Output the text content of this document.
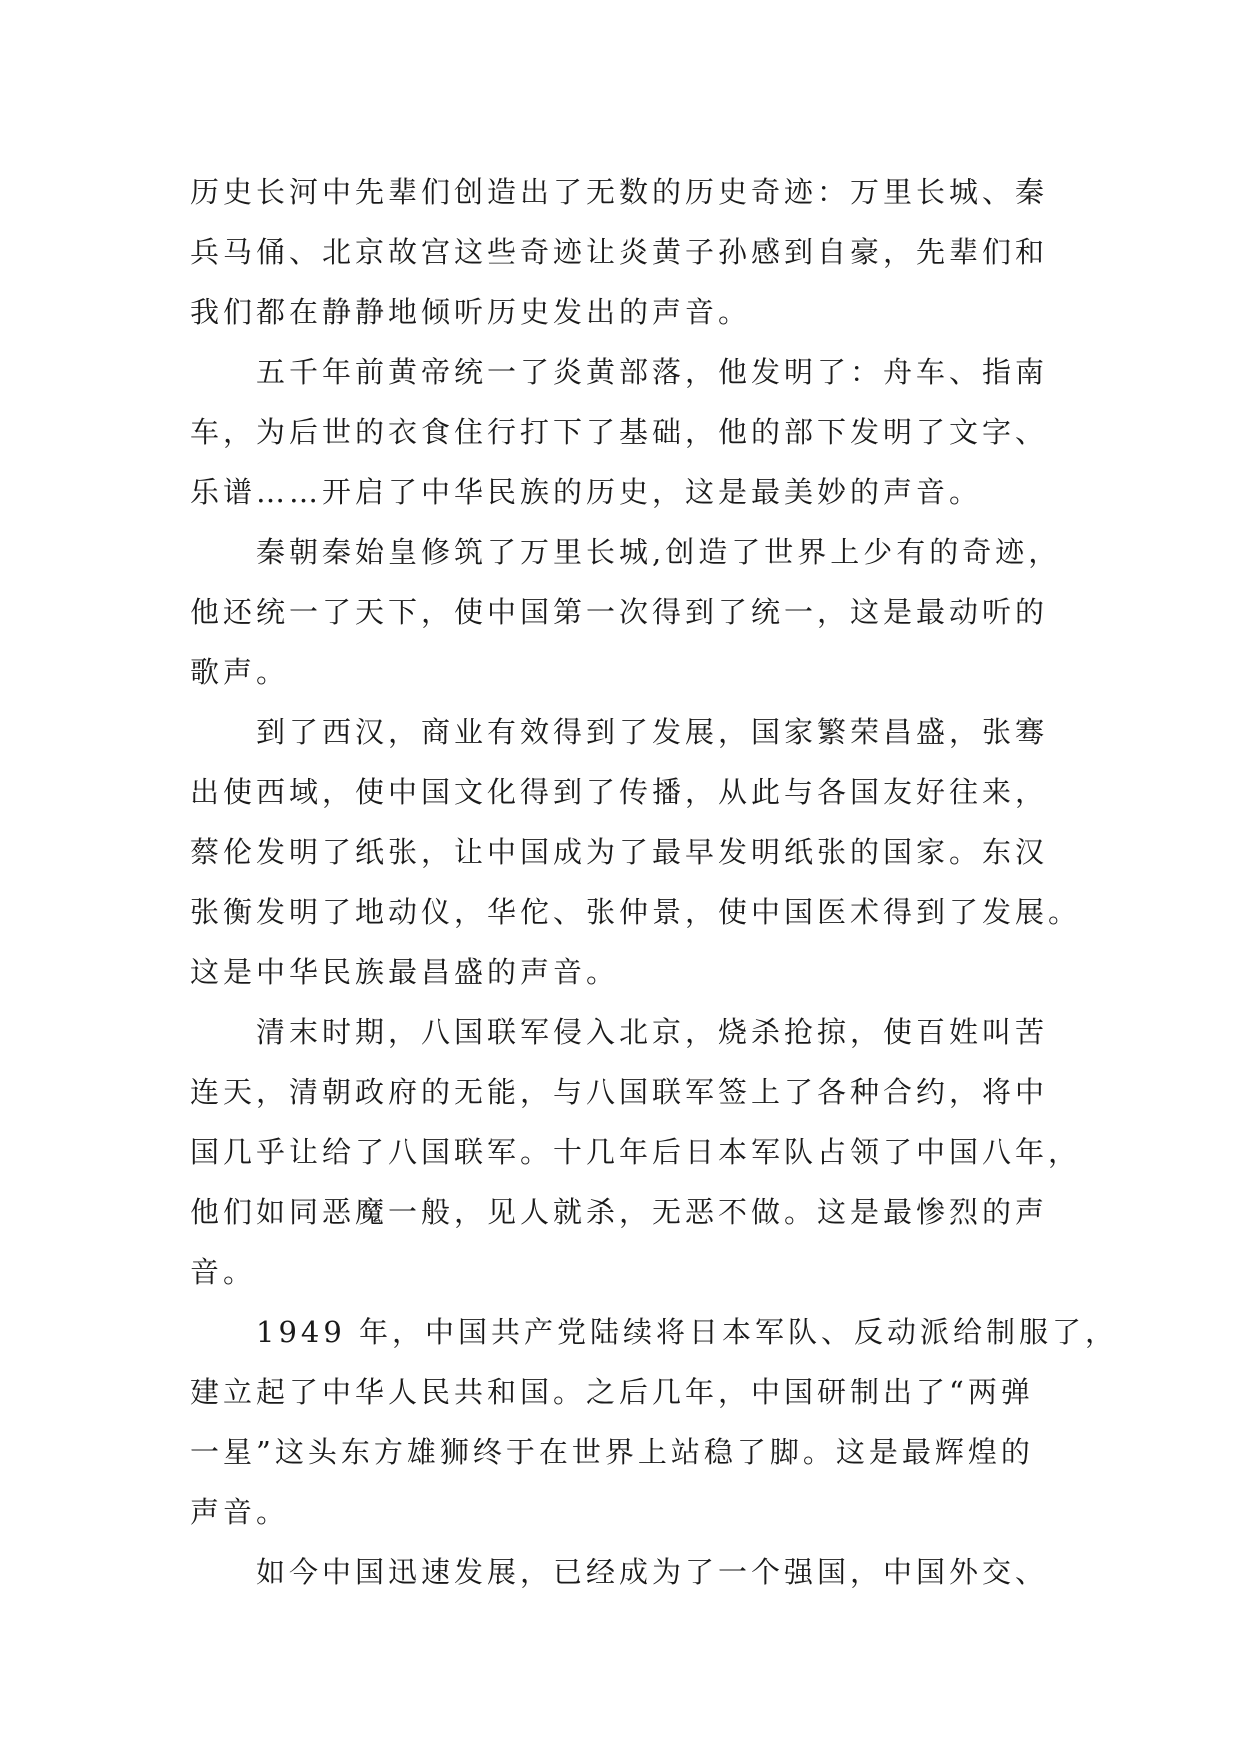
历史长河中先辈们创造出了无数的历史奇迹：万里长城、秦
兵马俑、北京故宫这些奇迹让炎黄子孙感到自豪，先辈们和
我们都在静静地倾听历史发出的声音。
五千年前黄帝统一了炎黄部落，他发明了：舟车、指南
车，为后世的衣食住行打下了基础，他的部下发明了文字、
乐谱……开启了中华民族的历史，这是最美妙的声音。
秦朝秦始皇修筑了万里长城,创造了世界上少有的奇迹，
他还统一了天下，使中国第一次得到了统一，这是最动听的
歌声。
到了西汉，商业有效得到了发展，国家繁荣昌盛，张骞
出使西域，使中国文化得到了传播，从此与各国友好往来，
蔡伦发明了纸张，让中国成为了最早发明纸张的国家。东汉
张衡发明了地动仪，华佗、张仲景，使中国医术得到了发展。
这是中华民族最昌盛的声音。
清末时期，八国联军侵入北京，烧杀抢掠，使百姓叫苦
连天，清朝政府的无能，与八国联军签上了各种合约，将中
国几乎让给了八国联军。十几年后日本军队占领了中国八年，
他们如同恶魔一般，见人就杀，无恶不做。这是最惨烈的声
音。
1949 年，中国共产党陆续将日本军队、反动派给制服了，
建立起了中华人民共和国。之后几年，中国研制出了“两弹
一星”这头东方雄狮终于在世界上站稳了脚。这是最辉煌的
声音。
如今中国迅速发展，已经成为了一个强国，中国外交、
